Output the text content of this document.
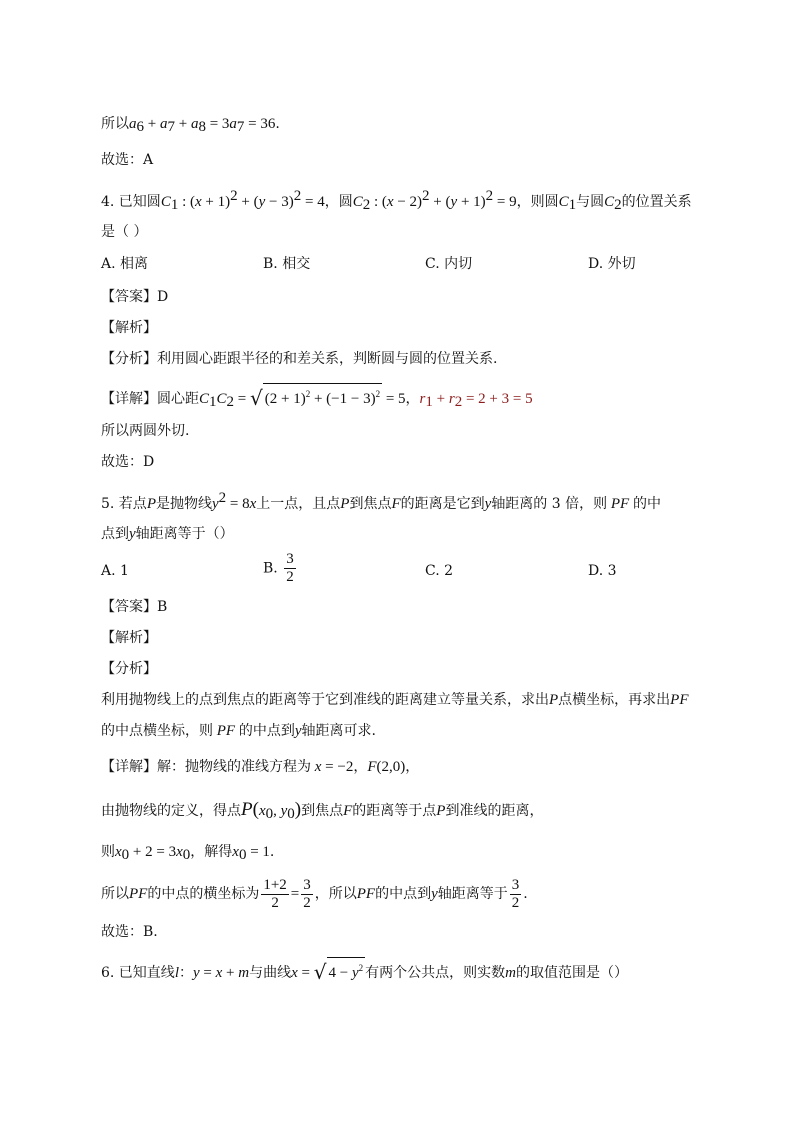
所以$a_6 + a_7 + a_8 = 3a_7 = 36$.
故选：A
4. 已知圆$C_1$ : $(x + 1)^2 + (y - 3)^2 = 4$，圆$C_2$ : $(x - 2)^2 + (y + 1)^2 = 9$，则圆$C_1$与圆$C_2$的位置关系
是（ ）
A. 相离	B. 相交	C. 内切	D. 外切
【答案】D
【解析】
【分析】利用圆心距跟半径的和差关系，判断圆与圆的位置关系.
【详解】圆心距$C_1C_2$ = √ $(2 + 1)^2 + (-1 - 3)^2 = 5$，$r_1 + r_2 = 2 + 3 = 5$
所以两圆外切.
故选：D
5. 若点P是抛物线$y^2 = 8x$上一点，且点P到焦点F的距离是它到y轴距离的 3 倍，则 PF 的中
点到y轴距离等于（）
A. 1	B. $\frac{3}{2}$	C. 2	D. 3
【答案】B
【解析】
【分析】
利用抛物线上的点到焦点的距离等于它到准线的距离建立等量关系，求出P点横坐标，再求出PF
的中点横坐标，则 PF 的中点到y轴距离可求.
【详解】解：抛物线的准线方程为 x = −2，F(2,0)，
由抛物线的定义，得点$P(x_0$, $y_0$)到焦点F的距离等于点P到准线的距离，
则$x_0 + 2 = 3x_0$，解得$x_0 = 1$.
所以PF的中点的横坐标为 $\frac{1+2}{2} = \frac{3}{2}$ ，所以PF的中点到y轴距离等于 $\frac{3}{2}$ .
故选：B.
6. 已知直线l：y = x + m与曲线x = √ $4 - y^2$ 有两个公共点，则实数m的取值范围是（）
